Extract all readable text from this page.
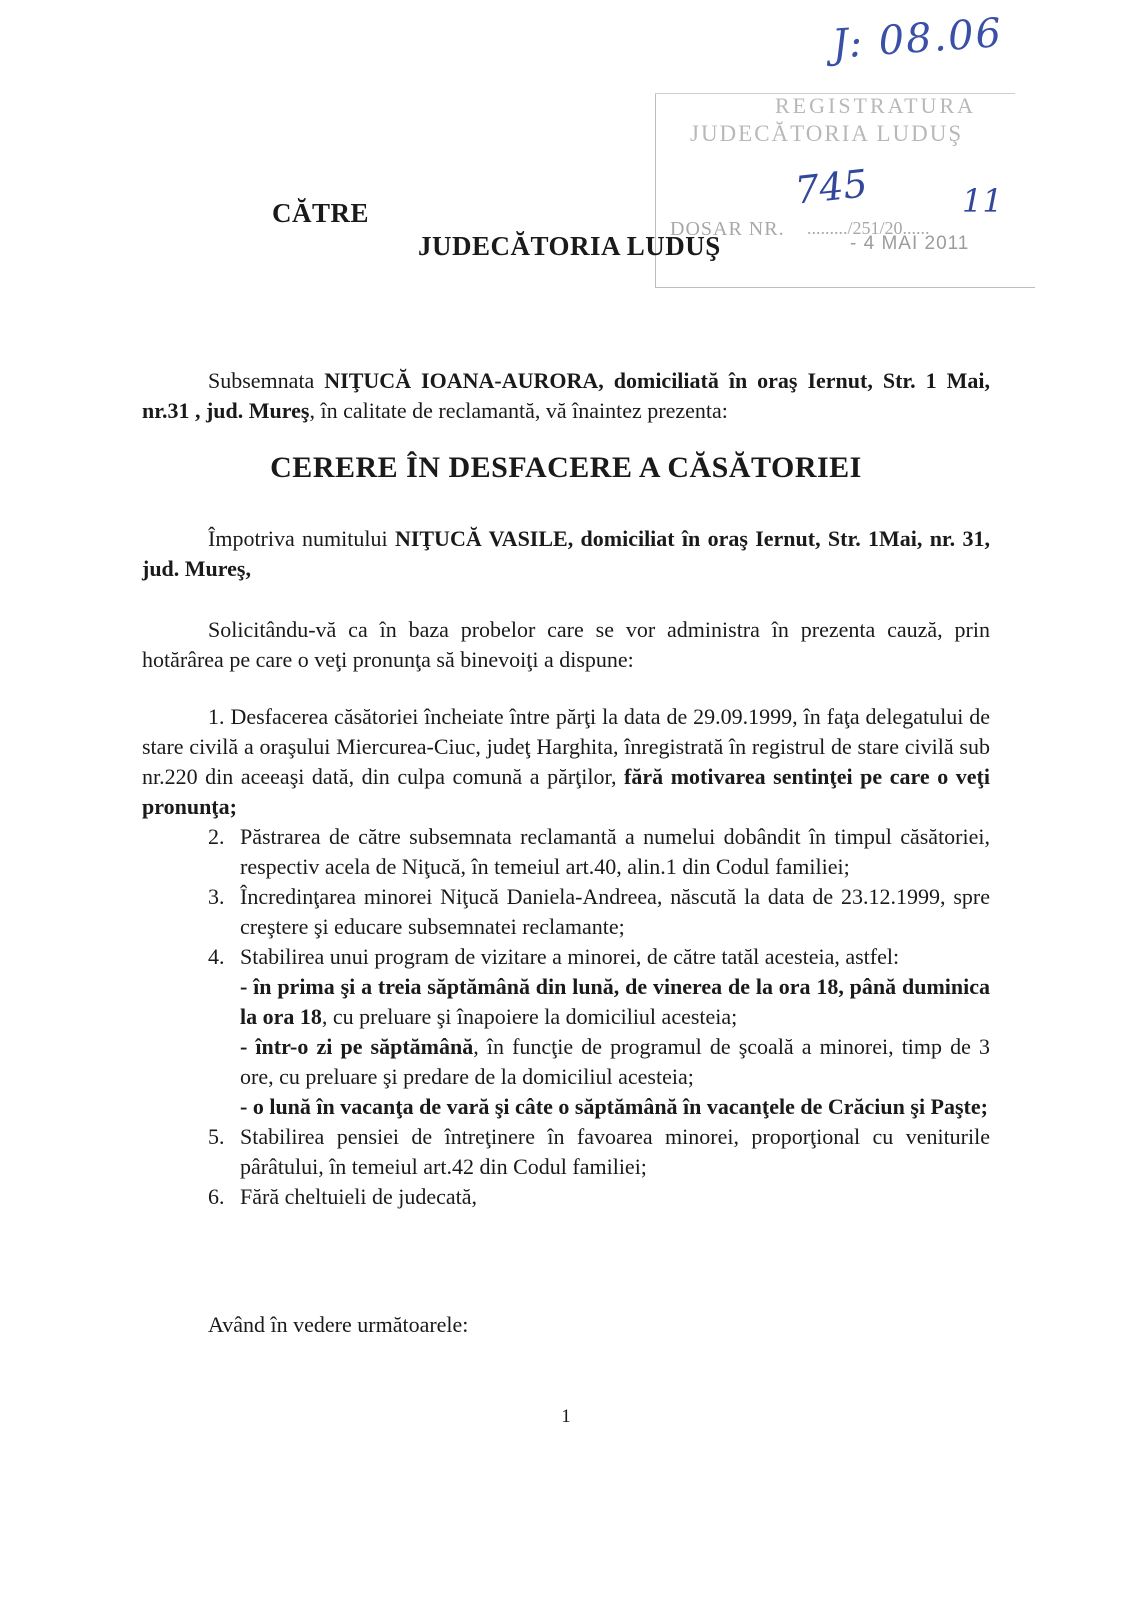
J: 08.06
REGISTRATURA
JUDECĂTORIA LUDUŞ
DOSAR NR. ........./251/20......
- 4 MAI 2011
745	11
CĂTRE
JUDECĂTORIA LUDUŞ

Subsemnata NIŢUCĂ IOANA-AURORA, domiciliată în oraş Iernut, Str. 1 Mai, nr.31 , jud. Mureş, în calitate de reclamantă, vă înaintez prezenta:

CERERE ÎN DESFACERE A CĂSĂTORIEI

Împotriva numitului NIŢUCĂ VASILE, domiciliat în oraş Iernut, Str. 1Mai, nr. 31, jud. Mureş,

Solicitându-vă ca în baza probelor care se vor administra în prezenta cauză, prin hotărârea pe care o veţi pronunţa să binevoiţi a dispune:

1. Desfacerea căsătoriei încheiate între părţi la data de 29.09.1999, în faţa delegatului de stare civilă a oraşului Miercurea-Ciuc, judeţ Harghita, înregistrată în registrul de stare civilă sub nr.220 din aceeaşi dată, din culpa comună a părţilor, fără motivarea sentinţei pe care o veţi pronunţa;
2. Păstrarea de către subsemnata reclamantă a numelui dobândit în timpul căsătoriei, respectiv acela de Niţucă, în temeiul art.40, alin.1 din Codul familiei;
3. Încredinţarea minorei Niţucă Daniela-Andreea, născută la data de 23.12.1999, spre creştere şi educare subsemnatei reclamante;
4. Stabilirea unui program de vizitare a minorei, de către tatăl acesteia, astfel:
- în prima şi a treia săptămână din lună, de vinerea de la ora 18, până duminica la ora 18, cu preluare şi înapoiere la domiciliul acesteia;
- într-o zi pe săptămână, în funcţie de programul de şcoală a minorei, timp de 3 ore, cu preluare şi predare de la domiciliul acesteia;
- o lună în vacanţa de vară şi câte o săptămână în vacanţele de Crăciun şi Paşte;
5. Stabilirea pensiei de întreţinere în favoarea minorei, proporţional cu veniturile pârâtului, în temeiul art.42 din Codul familiei;
6. Fără cheltuieli de judecată,

Având în vedere următoarele:

1
